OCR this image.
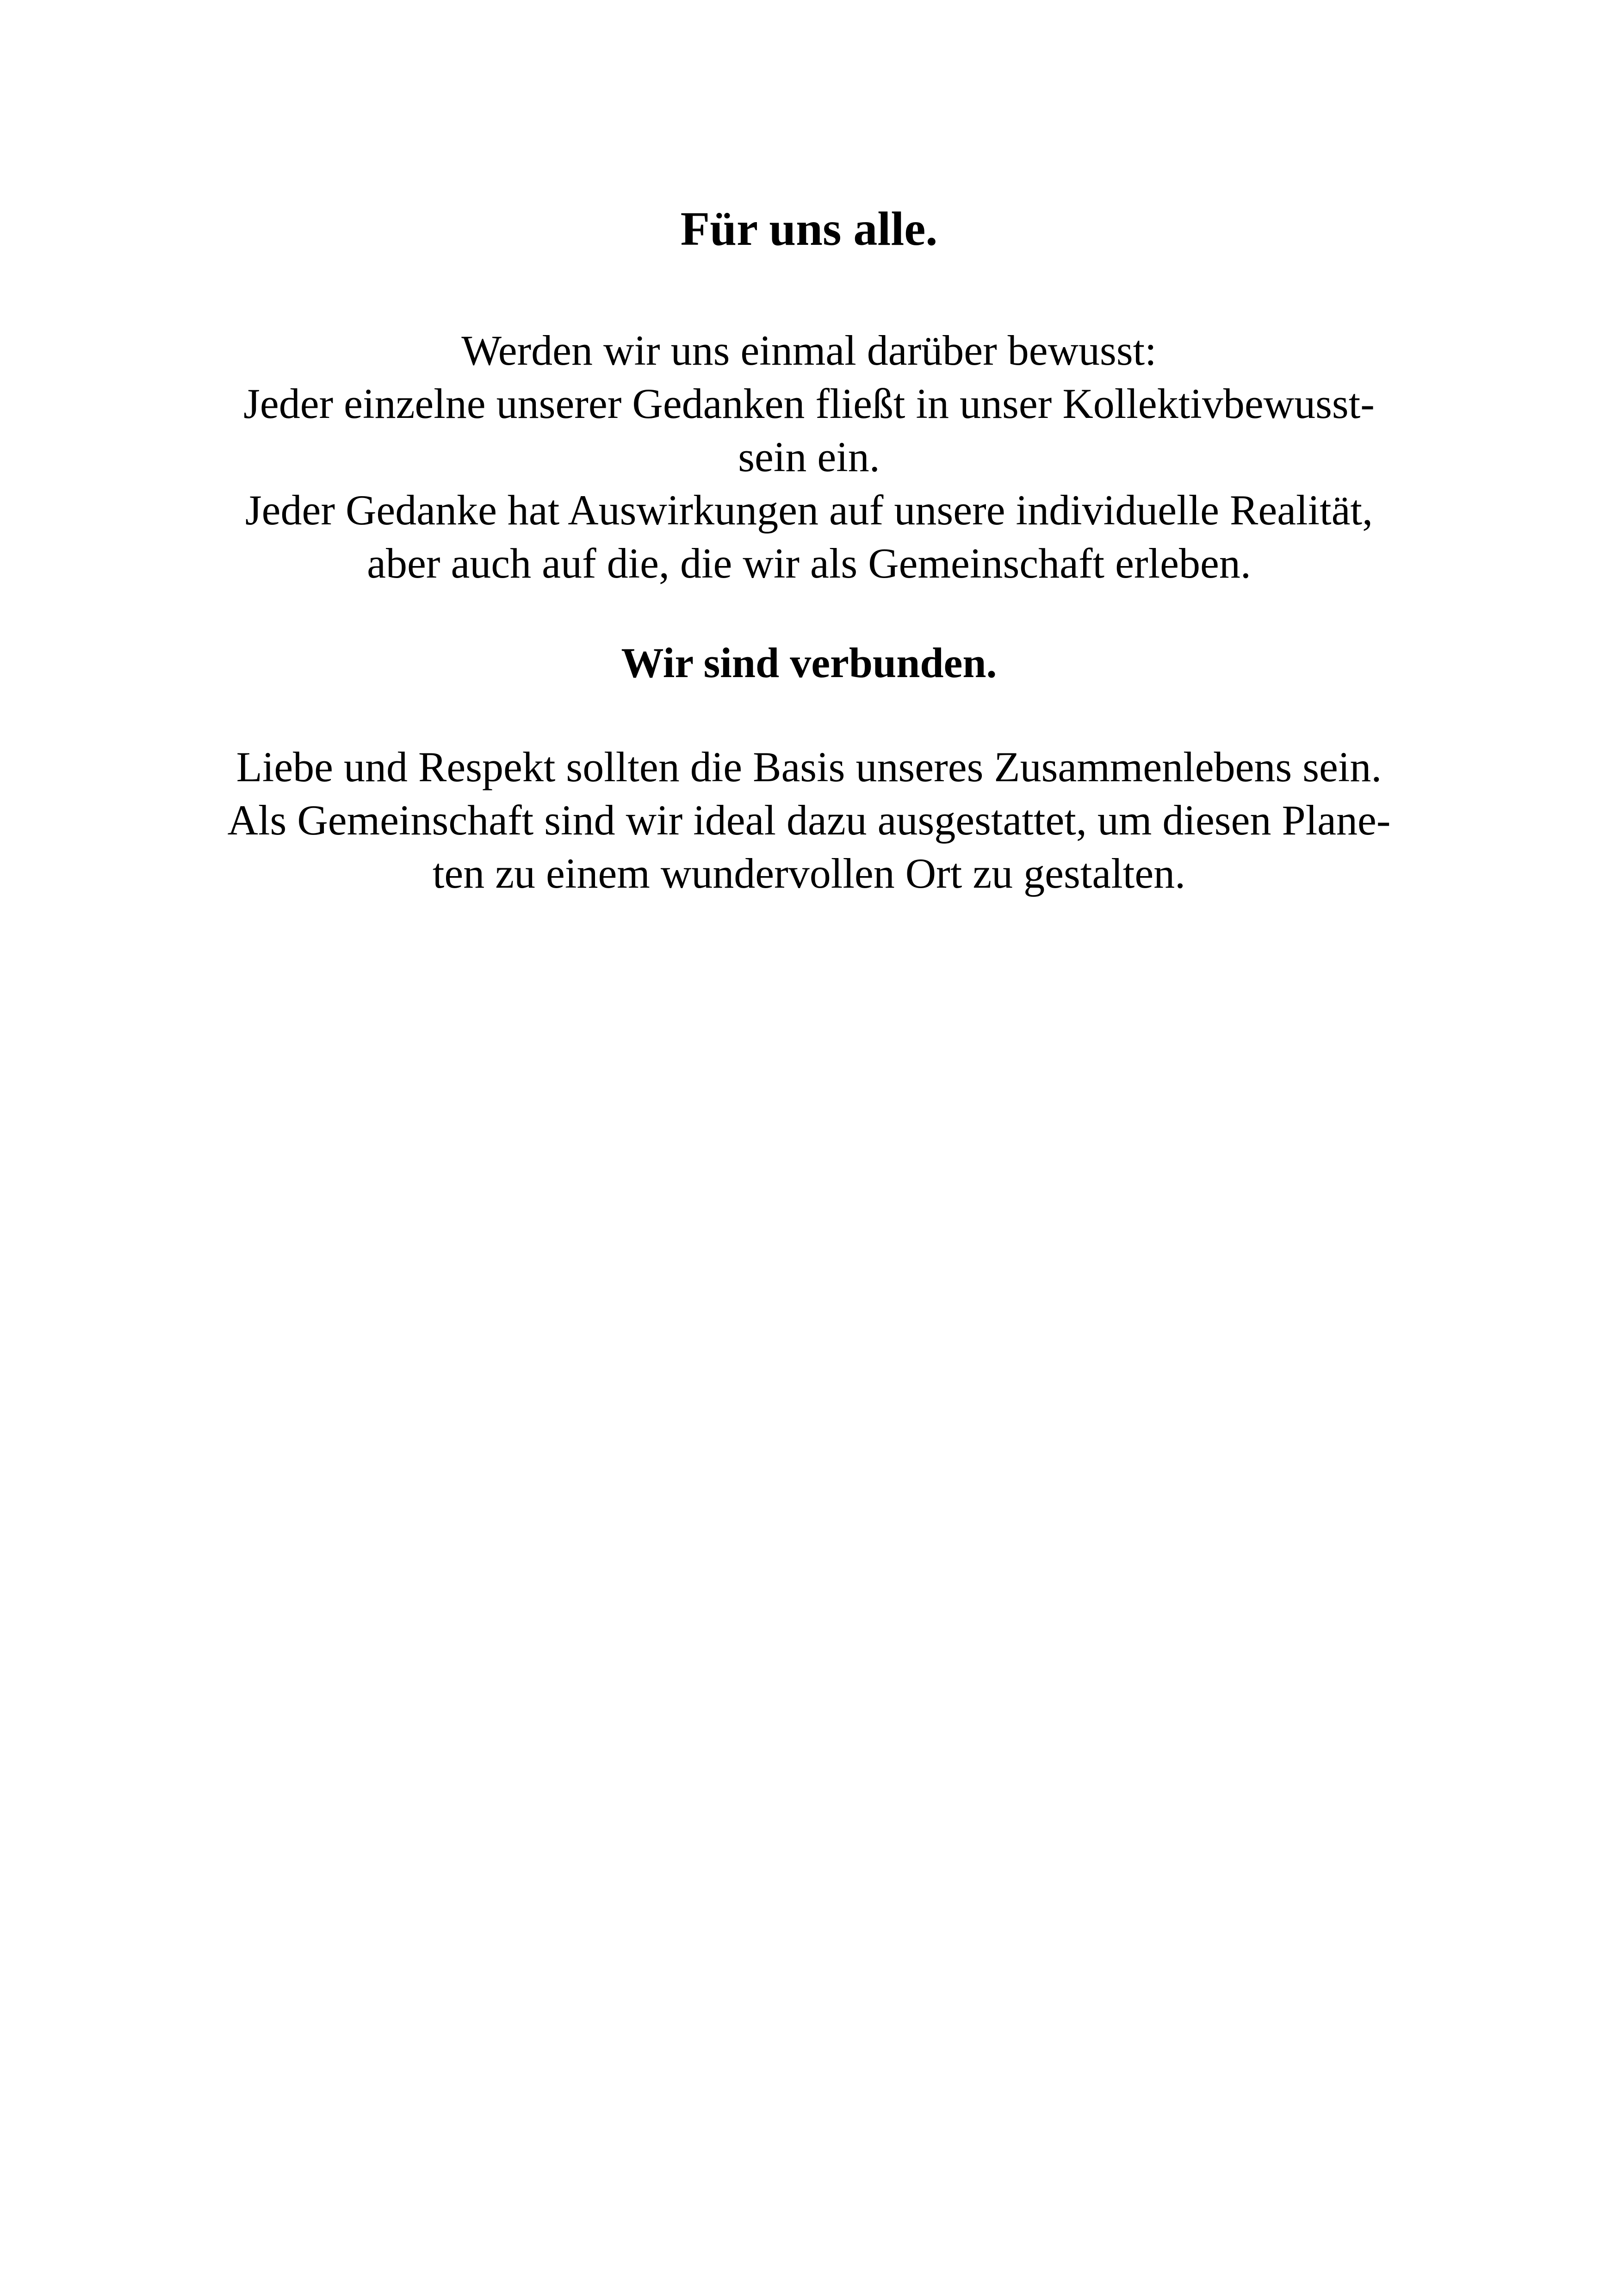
Für uns alle.
Werden wir uns einmal darüber bewusst:
Jeder einzelne unserer Gedanken fließt in unser Kollektivbewusst-
sein ein.
Jeder Gedanke hat Auswirkungen auf unsere individuelle Realität,
aber auch auf die, die wir als Gemeinschaft erleben.
Wir sind verbunden.
Liebe und Respekt sollten die Basis unseres Zusammenlebens sein.
Als Gemeinschaft sind wir ideal dazu ausgestattet, um diesen Plane-
ten zu einem wundervollen Ort zu gestalten.
